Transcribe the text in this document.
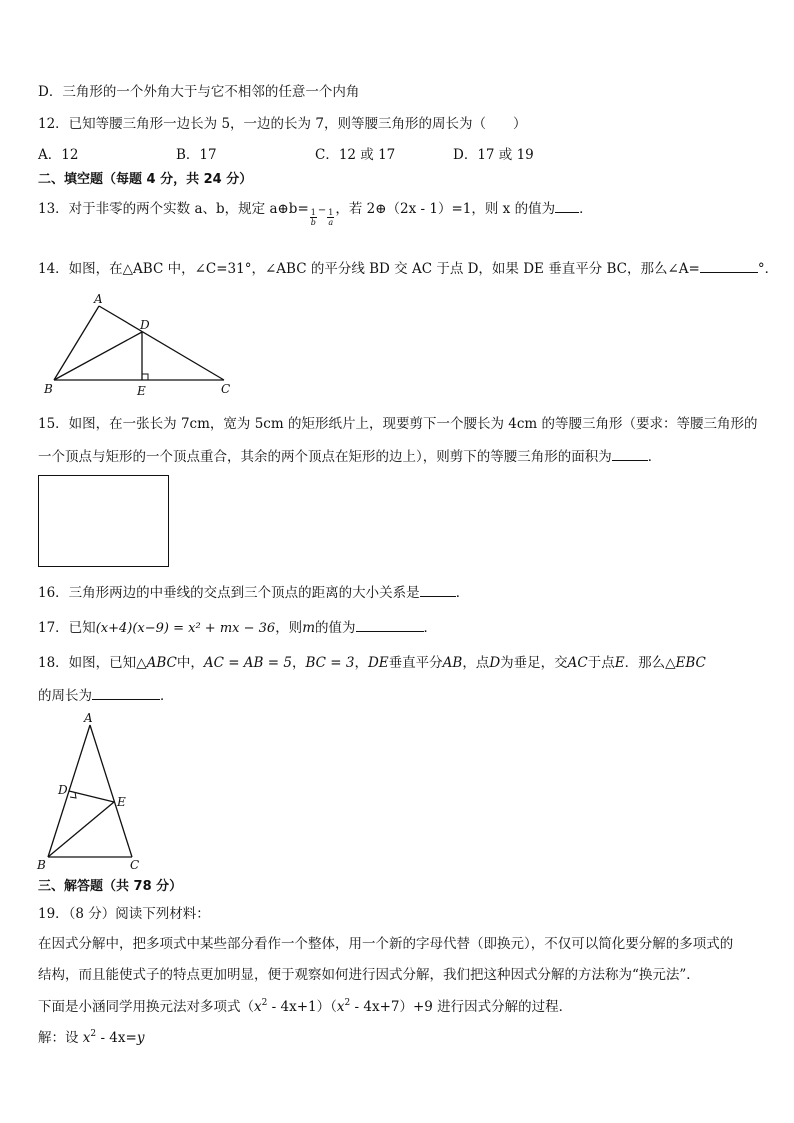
D．三角形的一个外角大于与它不相邻的任意一个内角
12．已知等腰三角形一边长为 5，一边的长为 7，则等腰三角形的周长为（　　）
A．12	B．17	C．12 或 17	D．17 或 19
二、填空题（每题 4 分，共 24 分）
13．对于非零的两个实数 a、b，规定 a⊕b= $\frac{1}{b} - \frac{1}{a}$ ，若 2⊕（2x - 1）=1，则 x 的值为 ．
14．如图，在△ABC 中，∠C=31°，∠ABC 的平分线 BD 交 AC 于点 D，如果 DE 垂直平分 BC，那么∠A=	°．
A
B	C
D
E
15．如图，在一张长为 7cm，宽为 5cm 的矩形纸片上，现要剪下一个腰长为 4cm 的等腰三角形（要求：等腰三角形的
一个顶点与矩形的一个顶点重合，其余的两个顶点在矩形的边上），则剪下的等腰三角形的面积为	．
16．三角形两边的中垂线的交点到三个顶点的距离的大小关系是	．
17．已知(x+4)(x−9) = x² + mx − 36，则m的值为	．
18．如图，已知△ABC中，AC = AB = 5，BC = 3，DE垂直平分AB，点D为垂足，交AC于点E．那么△EBC
的周长为	．
A
B	C
D
E
三、解答题（共 78 分）
19．（8 分）阅读下列材料：
在因式分解中，把多项式中某些部分看作一个整体，用一个新的字母代替（即换元），不仅可以简化要分解的多项式的
结构，而且能使式子的特点更加明显，便于观察如何进行因式分解，我们把这种因式分解的方法称为“换元法”．
下面是小涵同学用换元法对多项式$(x^2 - 4x+1)(x^2 - 4x+7)+9$ 进行因式分解的过程．
解：设 $x^2 - 4x=y$
